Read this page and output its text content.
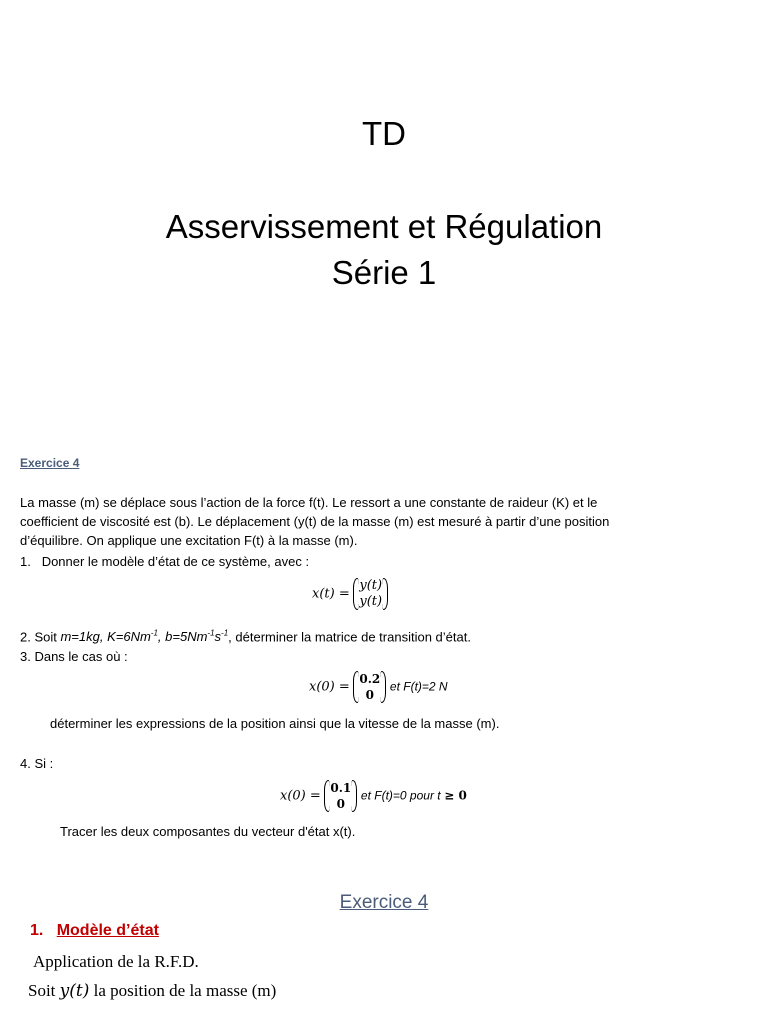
TD
Asservissement et Régulation
Série 1
Exercice 4
La masse (m) se déplace sous l’action de la force f(t). Le ressort a une constante de raideur (K) et le
coefficient de viscosité est (b). Le déplacement (y(t) de la masse (m) est mesuré à partir d’une position
d’équilibre. On applique une excitation F(t) à la masse (m).
1. Donner le modèle d’état de ce système, avec :
x(t) =
y(t)
y(t)
2. Soit m=1kg, $K=6Nm^{-1}$, $b=5Nm^{-1}s^{-1}$, déterminer la matrice de transition d’état.
3. Dans le cas où :
x(0) =
0.2
0
et F(t)=2 N
déterminer les expressions de la position ainsi que la vitesse de la masse (m).
4. Si :
x(0) =
0.1
0
et F(t)=0 pour t ≥ 0
Tracer les deux composantes du vecteur d'état x(t).
Exercice 4
1. Modèle d’état
Application de la R.F.D.
Soit y(t) la position de la masse (m)
